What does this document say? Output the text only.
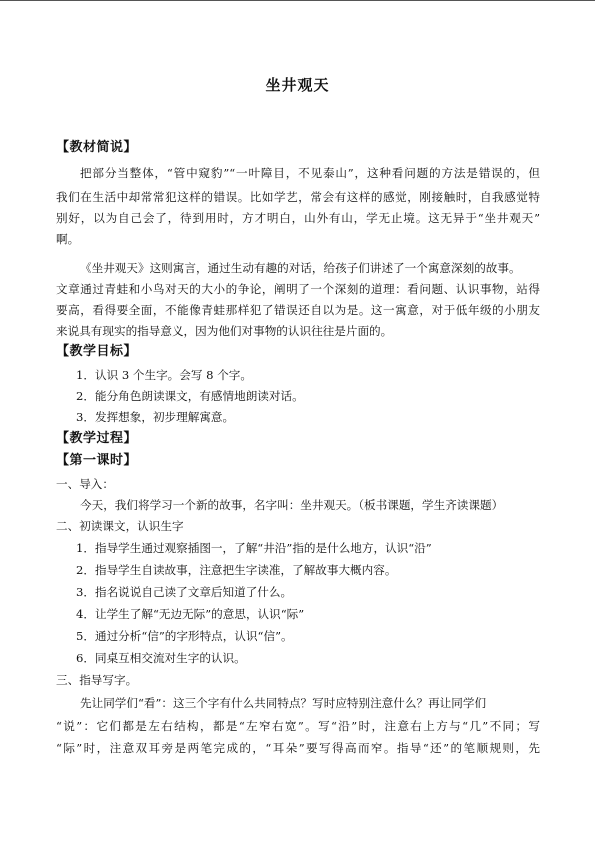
坐井观天
【教材简说】
把部分当整体，“管中窥豹”“一叶障目，不见泰山”，这种看问题的方法是错误的，但
我们在生活中却常常犯这样的错误。比如学艺，常会有这样的感觉，刚接触时，自我感觉特
别好，以为自己会了，待到用时，方才明白，山外有山，学无止境。这无异于“坐井观天”
啊。
《坐井观天》这则寓言，通过生动有趣的对话，给孩子们讲述了一个寓意深刻的故事。
文章通过青蛙和小鸟对天的大小的争论，阐明了一个深刻的道理：看问题、认识事物，站得
要高，看得要全面，不能像青蛙那样犯了错误还自以为是。这一寓意，对于低年级的小朋友
来说具有现实的指导意义，因为他们对事物的认识往往是片面的。
【教学目标】
1．认识 3 个生字。会写 8 个字。
2．能分角色朗读课文，有感情地朗读对话。
3．发挥想象，初步理解寓意。
【教学过程】
【第一课时】
一、导入：
今天，我们将学习一个新的故事，名字叫：坐井观天。（板书课题，学生齐读课题）
二、初读课文，认识生字
1．指导学生通过观察插图一，了解“井沿”指的是什么地方，认识“沿”
2．指导学生自读故事，注意把生字读准，了解故事大概内容。
3．指名说说自己读了文章后知道了什么。
4．让学生了解“无边无际”的意思，认识“际”
5．通过分析“信”的字形特点，认识“信”。
6．同桌互相交流对生字的认识。
三、指导写字。
先让同学们“看”：这三个字有什么共同特点？写时应特别注意什么？再让同学们
“说”：它们都是左右结构，都是“左窄右宽”。写“沿”时，注意右上方与“几”不同；写
“际”时，注意双耳旁是两笔完成的，“耳朵”要写得高而窄。指导“还”的笔顺规则，先
